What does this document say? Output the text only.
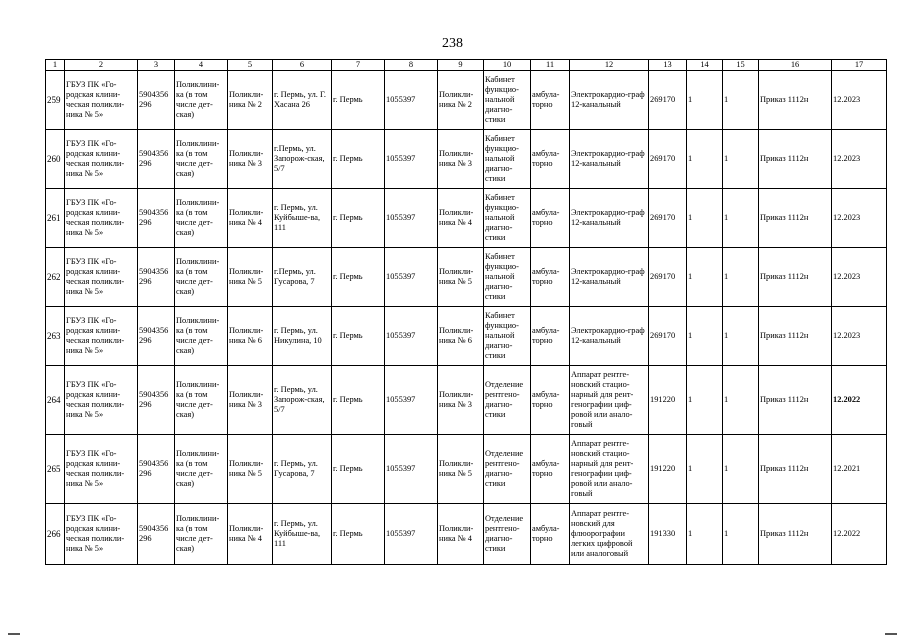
238
1	2	3	4	5	6	7	8	9	10	11	12	13	14	15	16	17
259	ГБУЗ ПК «Го-родская клини-ческая поликли-ника № 5»	5904356 296	Поликлини-ка (в том числе дет-ская)	Поликли-ника № 2	г. Пермь, ул. Г. Хасана 26	г. Пермь	1055397	Поликли-ника № 2	Кабинет функцио-нальной диагно-стики	амбула-торно	Электрокардио-граф 12-канальный	269170	1	1	Приказ 1112н	12.2023
260	ГБУЗ ПК «Го-родская клини-ческая поликли-ника № 5»	5904356 296	Поликлини-ка (в том числе дет-ская)	Поликли-ника № 3	г.Пермь, ул. Запорож-ская, 5/7	г. Пермь	1055397	Поликли-ника № 3	Кабинет функцио-нальной диагно-стики	амбула-торно	Электрокардио-граф 12-канальный	269170	1	1	Приказ 1112н	12.2023
261	ГБУЗ ПК «Го-родская клини-ческая поликли-ника № 5»	5904356 296	Поликлини-ка (в том числе дет-ская)	Поликли-ника № 4	г. Пермь, ул. Куйбыше-ва, 111	г. Пермь	1055397	Поликли-ника № 4	Кабинет функцио-нальной диагно-стики	амбула-торно	Электрокардио-граф 12-канальный	269170	1	1	Приказ 1112н	12.2023
262	ГБУЗ ПК «Го-родская клини-ческая поликли-ника № 5»	5904356 296	Поликлини-ка (в том числе дет-ская)	Поликли-ника № 5	г.Пермь, ул. Гусарова, 7	г. Пермь	1055397	Поликли-ника № 5	Кабинет функцио-нальной диагно-стики	амбула-торно	Электрокардио-граф 12-канальный	269170	1	1	Приказ 1112н	12.2023
263	ГБУЗ ПК «Го-родская клини-ческая поликли-ника № 5»	5904356 296	Поликлини-ка (в том числе дет-ская)	Поликли-ника № 6	г. Пермь, ул. Никулина, 10	г. Пермь	1055397	Поликли-ника № 6	Кабинет функцио-нальной диагно-стики	амбула-торно	Электрокардио-граф 12-канальный	269170	1	1	Приказ 1112н	12.2023
264	ГБУЗ ПК «Го-родская клини-ческая поликли-ника № 5»	5904356 296	Поликлини-ка (в том числе дет-ская)	Поликли-ника № 3	г. Пермь, ул. Запорож-ская, 5/7	г. Пермь	1055397	Поликли-ника № 3	Отделение рентгено-диагно-стики	амбула-торно	Аппарат рентге-новский стацио-нарный для рент-генографии циф-ровой или анало-говый	191220	1	1	Приказ 1112н	12.2022
265	ГБУЗ ПК «Го-родская клини-ческая поликли-ника № 5»	5904356 296	Поликлини-ка (в том числе дет-ская)	Поликли-ника № 5	г. Пермь, ул. Гусарова, 7	г. Пермь	1055397	Поликли-ника № 5	Отделение рентгено-диагно-стики	амбула-торно	Аппарат рентге-новский стацио-нарный для рент-генографии циф-ровой или анало-говый	191220	1	1	Приказ 1112н	12.2021
266	ГБУЗ ПК «Го-родская клини-ческая поликли-ника № 5»	5904356 296	Поликлини-ка (в том числе дет-ская)	Поликли-ника № 4	г. Пермь, ул. Куйбыше-ва, 111	г. Пермь	1055397	Поликли-ника № 4	Отделение рентгено-диагно-стики	амбула-торно	Аппарат рентге-новский для флюорографии легких цифровой или аналоговый	191330	1	1	Приказ 1112н	12.2022
